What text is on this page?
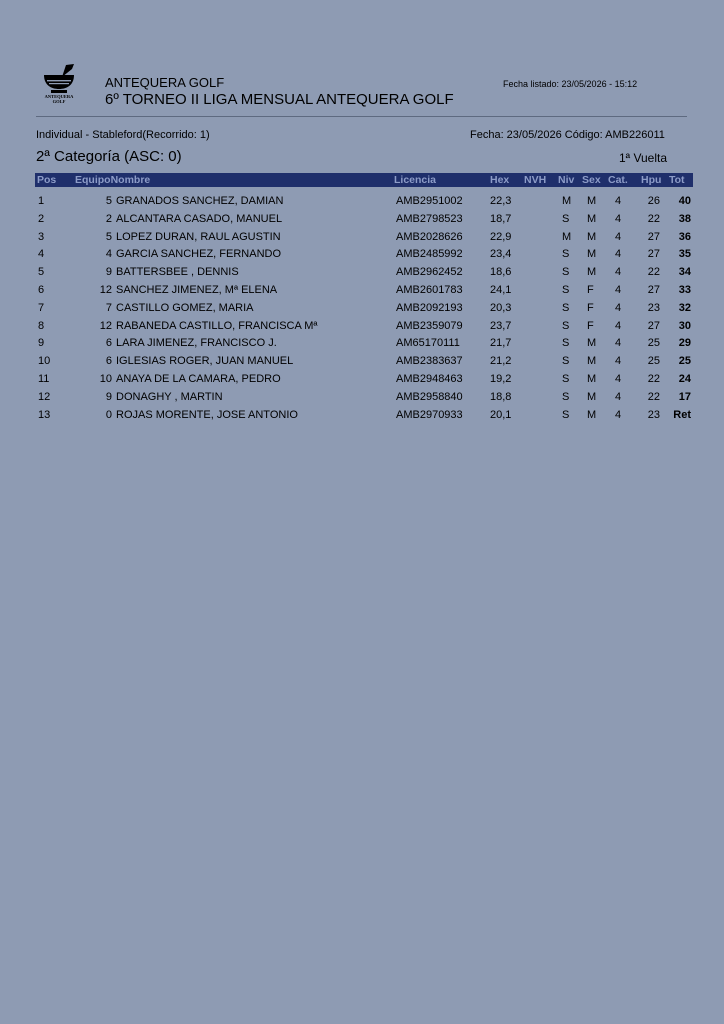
ANTEQUERA
GOLF
ANTEQUERA GOLF
6º TORNEO II LIGA MENSUAL ANTEQUERA GOLF
Fecha listado: 23/05/2026 - 15:12
Individual - Stableford(Recorrido: 1)	Fecha: 23/05/2026 Código: AMB226011
2ª Categoría (ASC: 0)	1ª Vuelta
Pos EquipoNombre	Licencia	Hex NVH Niv Sex Cat. Hpu Tot
1	5 GRANADOS SANCHEZ, DAMIAN	AMB2951002 22,3	M M 4	26	40
2	2 ALCANTARA CASADO, MANUEL	AMB2798523 18,7	S M 4	22	38
3	5 LOPEZ DURAN, RAUL AGUSTIN	AMB2028626 22,9	M M 4	27	36
4	4 GARCIA SANCHEZ, FERNANDO	AMB2485992 23,4	S M 4	27	35
5	9 BATTERSBEE , DENNIS	AMB2962452 18,6	S M 4	22	34
6	12 SANCHEZ JIMENEZ, Mª ELENA	AMB2601783 24,1	S F 4	27	33
7	7 CASTILLO GOMEZ, MARIA	AMB2092193 20,3	S F 4	23	32
8	12 RABANEDA CASTILLO, FRANCISCA Mª	AMB2359079 23,7	S F 4	27	30
9	6 LARA JIMENEZ, FRANCISCO J.	AM65170111	21,7	S M 4	25	29
10	6 IGLESIAS ROGER, JUAN MANUEL	AMB2383637 21,2	S M 4	25	25
11	10 ANAYA DE LA CAMARA, PEDRO	AMB2948463 19,2	S M 4	22	24
12	9 DONAGHY , MARTIN	AMB2958840 18,8	S M 4	22	17
13	0 ROJAS MORENTE, JOSE ANTONIO	AMB2970933 20,1	S M 4	23	Ret
